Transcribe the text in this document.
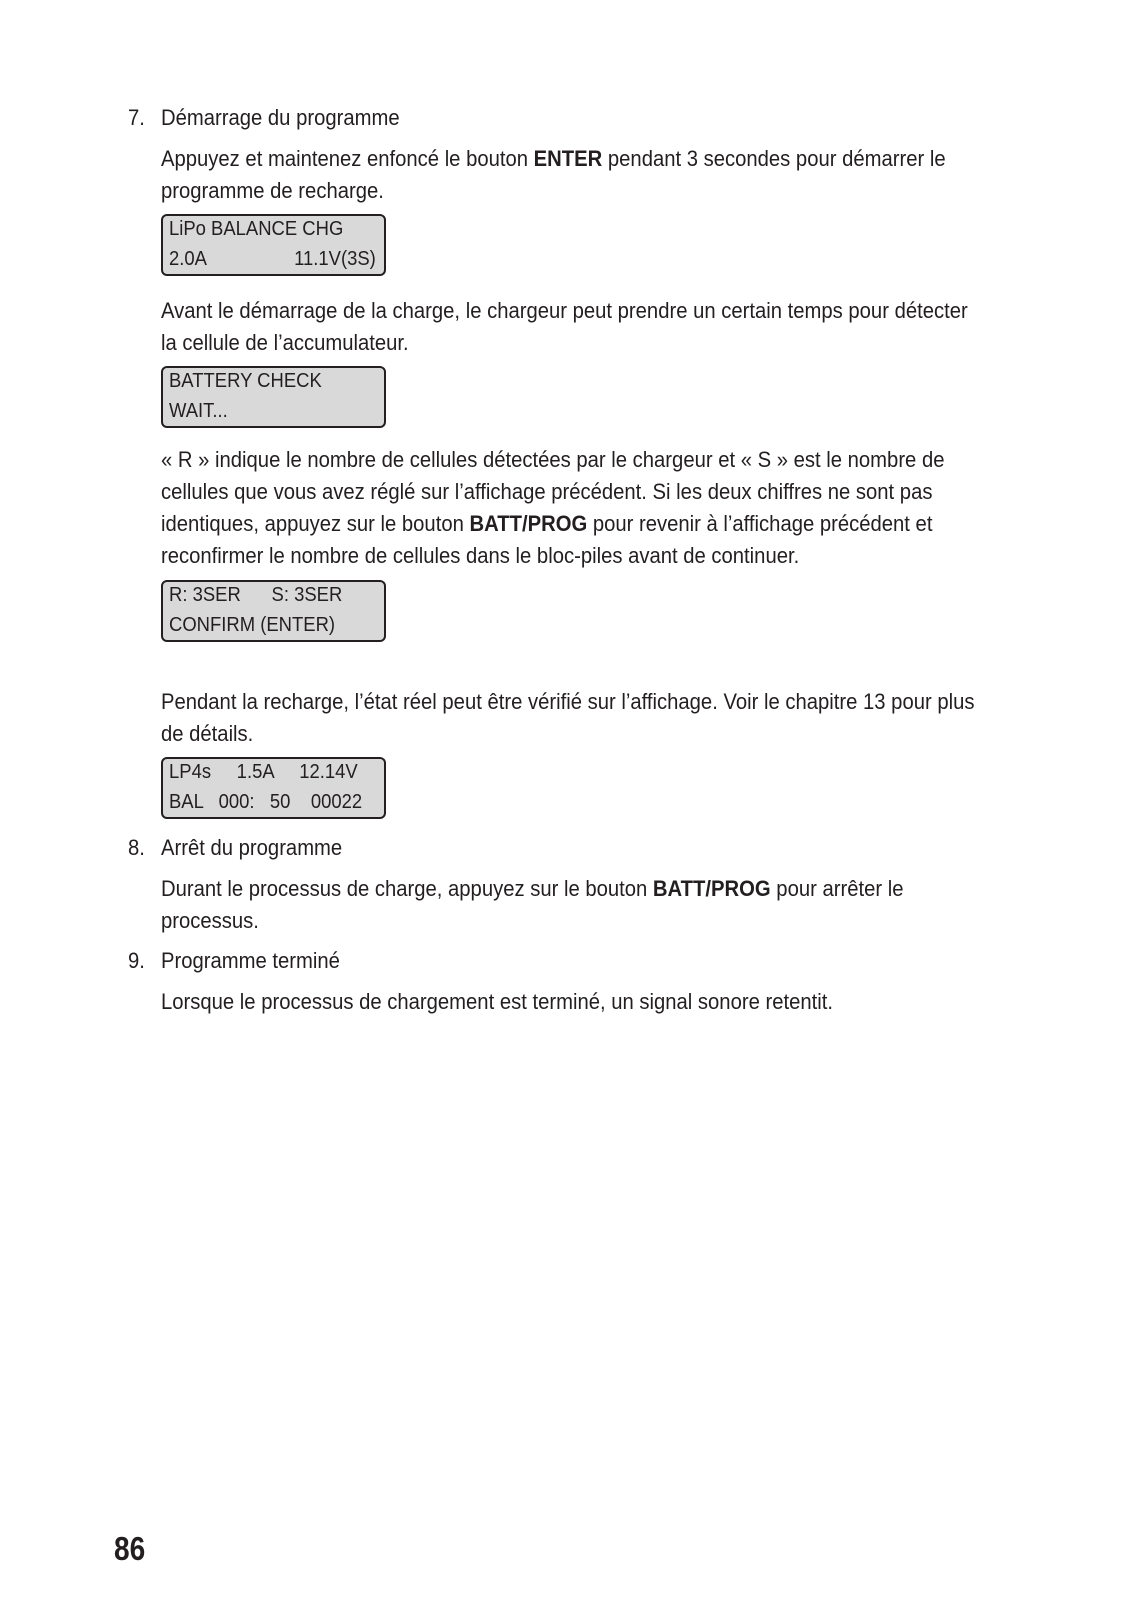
7. Démarrage du programme
Appuyez et maintenez enfoncé le bouton ENTER pendant 3 secondes pour démarrer le
programme de recharge.
LiPo BALANCE CHG
2.0A	11.1V(3S)
Avant le démarrage de la charge, le chargeur peut prendre un certain temps pour détecter
la cellule de l’accumulateur.
BATTERY CHECK
WAIT...
« R » indique le nombre de cellules détectées par le chargeur et « S » est le nombre de
cellules que vous avez réglé sur l’affichage précédent. Si les deux chiffres ne sont pas
identiques, appuyez sur le bouton BATT/PROG pour revenir à l’affichage précédent et
reconfirmer le nombre de cellules dans le bloc-piles avant de continuer.
R: 3SER      S: 3SER
CONFIRM (ENTER)
Pendant la recharge, l’état réel peut être vérifié sur l’affichage. Voir le chapitre 13 pour plus
de détails.
LP4s     1.5A     12.14V
BAL   000:   50    00022
8. Arrêt du programme
Durant le processus de charge, appuyez sur le bouton BATT/PROG pour arrêter le
processus.
9. Programme terminé
Lorsque le processus de chargement est terminé, un signal sonore retentit.
86
